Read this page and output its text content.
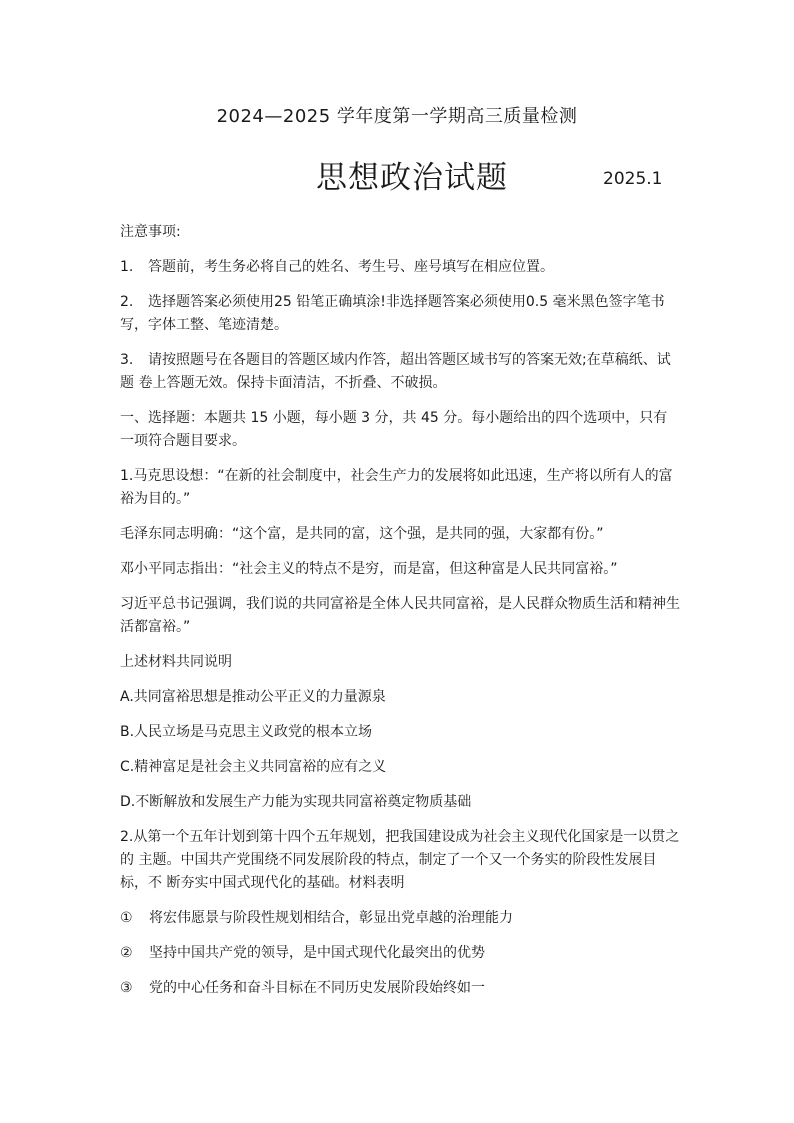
2024—2025 学年度第一学期高三质量检测
思想政治试题	2025.1

注意事项:

1. 答题前，考生务必将自己的姓名、考生号、座号填写在相应位置。

2. 选择题答案必须使用25 铅笔正确填涂!非选择题答案必须使用0.5 毫米黑色签字笔书 写，字体工整、笔迹清楚。

3. 请按照题号在各题目的答题区域内作答，超出答题区域书写的答案无效;在草稿纸、试题 卷上答题无效。保持卡面清洁，不折叠、不破损。

一、选择题：本题共 15 小题，每小题 3 分，共 45 分。每小题给出的四个选项中，只有一项符合题目要求。

1.马克思设想：“在新的社会制度中，社会生产力的发展将如此迅速，生产将以所有人的富裕为目的。”

毛泽东同志明确：“这个富，是共同的富，这个强，是共同的强，大家都有份。”

邓小平同志指出：“社会主义的特点不是穷，而是富，但这种富是人民共同富裕。”

习近平总书记强调，我们说的共同富裕是全体人民共同富裕，是人民群众物质生活和精神生 活都富裕。”

上述材料共同说明

A.共同富裕思想是推动公平正义的力量源泉

B.人民立场是马克思主义政党的根本立场

C.精神富足是社会主义共同富裕的应有之义

D.不断解放和发展生产力能为实现共同富裕奠定物质基础

2.从第一个五年计划到第十四个五年规划，把我国建设成为社会主义现代化国家是一以贯之的 主题。中国共产党围绕不同发展阶段的特点，制定了一个又一个务实的阶段性发展目标，不 断夯实中国式现代化的基础。材料表明

① 将宏伟愿景与阶段性规划相结合，彰显出党卓越的治理能力

② 坚持中国共产党的领导，是中国式现代化最突出的优势

③ 党的中心任务和奋斗目标在不同历史发展阶段始终如一
